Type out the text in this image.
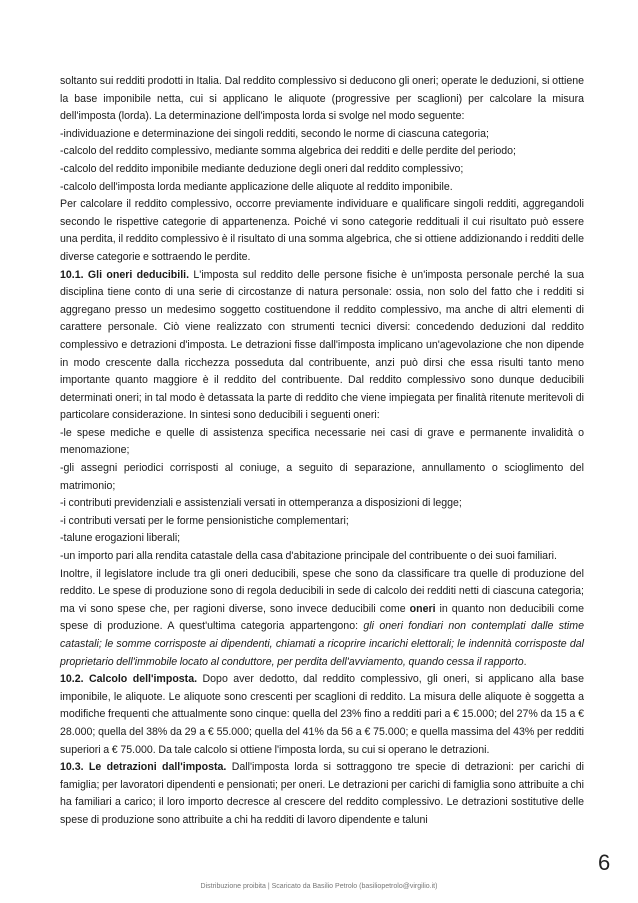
soltanto sui redditi prodotti in Italia. Dal reddito complessivo si deducono gli oneri; operate le deduzioni, si ottiene la base imponibile netta, cui si applicano le aliquote (progressive per scaglioni) per calcolare la misura dell'imposta (lorda). La determinazione dell'imposta lorda si svolge nel modo seguente:

-individuazione e determinazione dei singoli redditi, secondo le norme di ciascuna categoria;

-calcolo del reddito complessivo, mediante somma algebrica dei redditi e delle perdite del periodo;

-calcolo del reddito imponibile mediante deduzione degli oneri dal reddito complessivo;

-calcolo dell'imposta lorda mediante applicazione delle aliquote al reddito imponibile.

Per calcolare il reddito complessivo, occorre previamente individuare e qualificare singoli redditi, aggregandoli secondo le rispettive categorie di appartenenza. Poiché vi sono categorie reddituali il cui risultato può essere una perdita, il reddito complessivo è il risultato di una somma algebrica, che si ottiene addizionando i redditi delle diverse categorie e sottraendo le perdite.

10.1. Gli oneri deducibili. L'imposta sul reddito delle persone fisiche è un'imposta personale perché la sua disciplina tiene conto di una serie di circostanze di natura personale: ossia, non solo del fatto che i redditi si aggregano presso un medesimo soggetto costituendone il reddito complessivo, ma anche di altri elementi di carattere personale. Ciò viene realizzato con strumenti tecnici diversi: concedendo deduzioni dal reddito complessivo e detrazioni d'imposta. Le detrazioni fisse dall'imposta implicano un'agevolazione che non dipende in modo crescente dalla ricchezza posseduta dal contribuente, anzi può dirsi che essa risulti tanto meno importante quanto maggiore è il reddito del contribuente. Dal reddito complessivo sono dunque deducibili determinati oneri; in tal modo è detassata la parte di reddito che viene impiegata per finalità ritenute meritevoli di particolare considerazione. In sintesi sono deducibili i seguenti oneri:

-le spese mediche e quelle di assistenza specifica necessarie nei casi di grave e permanente invalidità o menomazione;

-gli assegni periodici corrisposti al coniuge, a seguito di separazione, annullamento o scioglimento del matrimonio;

-i contributi previdenziali e assistenziali versati in ottemperanza a disposizioni di legge;

-i contributi versati per le forme pensionistiche complementari;

-talune erogazioni liberali;

-un importo pari alla rendita catastale della casa d'abitazione principale del contribuente o dei suoi familiari.

Inoltre, il legislatore include tra gli oneri deducibili, spese che sono da classificare tra quelle di produzione del reddito. Le spese di produzione sono di regola deducibili in sede di calcolo dei redditi netti di ciascuna categoria; ma vi sono spese che, per ragioni diverse, sono invece deducibili come oneri in quanto non deducibili come spese di produzione. A quest'ultima categoria appartengono: gli oneri fondiari non contemplati dalle stime catastali; le somme corrisposte ai dipendenti, chiamati a ricoprire incarichi elettorali; le indennità corrisposte dal proprietario dell'immobile locato al conduttore, per perdita dell'avviamento, quando cessa il rapporto.

10.2. Calcolo dell'imposta. Dopo aver dedotto, dal reddito complessivo, gli oneri, si applicano alla base imponibile, le aliquote. Le aliquote sono crescenti per scaglioni di reddito. La misura delle aliquote è soggetta a modifiche frequenti che attualmente sono cinque: quella del 23% fino a redditi pari a € 15.000; del 27% da 15 a € 28.000; quella del 38% da 29 a € 55.000; quella del 41% da 56 a € 75.000; e quella massima del 43% per redditi superiori a € 75.000. Da tale calcolo si ottiene l'imposta lorda, su cui si operano le detrazioni.

10.3. Le detrazioni dall'imposta. Dall'imposta lorda si sottraggono tre specie di detrazioni: per carichi di famiglia; per lavoratori dipendenti e pensionati; per oneri. Le detrazioni per carichi di famiglia sono attribuite a chi ha familiari a carico; il loro importo decresce al crescere del reddito complessivo. Le detrazioni sostitutive delle spese di produzione sono attribuite a chi ha redditi di lavoro dipendente e taluni

6
Distribuzione proibita | Scaricato da Basilio Petrolo (basiliopetrolo@virgilio.it)
